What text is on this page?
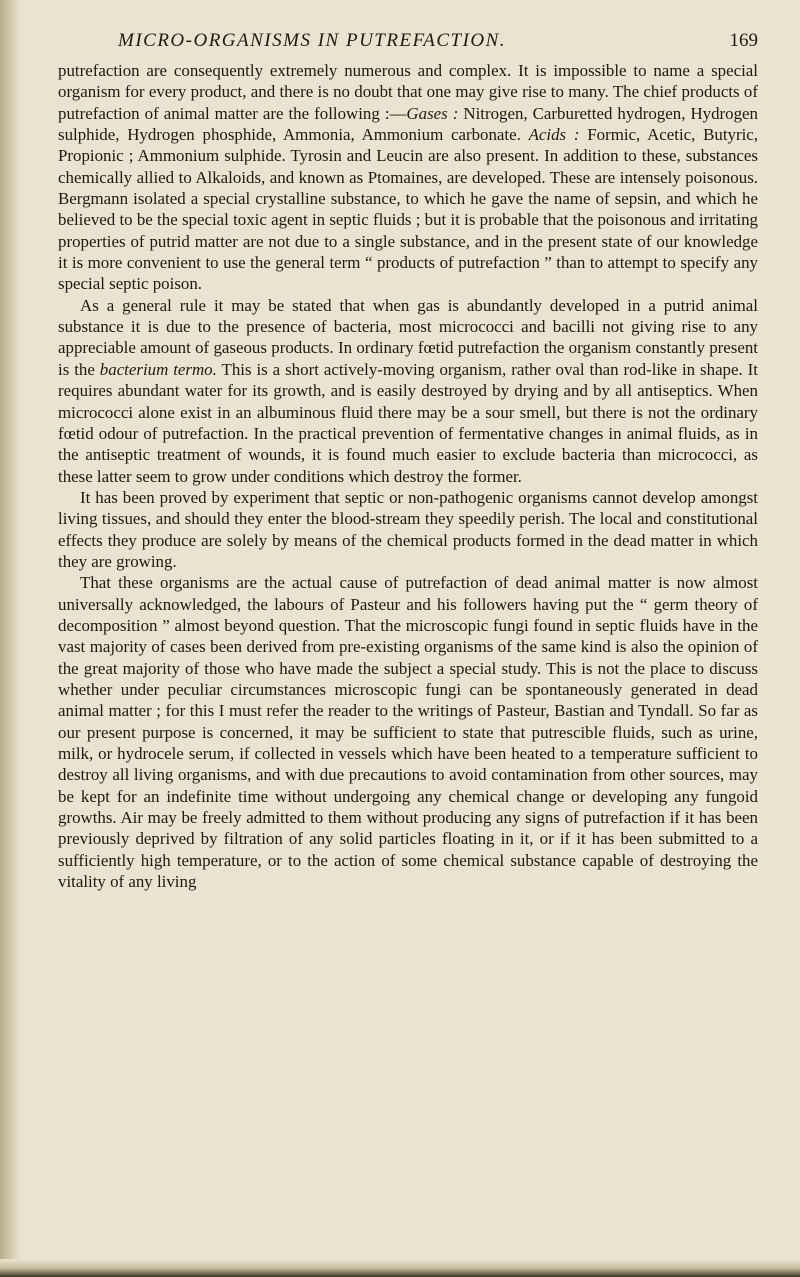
MICRO-ORGANISMS IN PUTREFACTION.	169

putrefaction are consequently extremely numerous and complex. It is impossible to name a special organism for every product, and there is no doubt that one may give rise to many. The chief products of putrefaction of animal matter are the following :—Gases : Nitrogen, Carburetted hydrogen, Hydrogen sulphide, Hydrogen phosphide, Ammonia, Ammonium carbonate. Acids : Formic, Acetic, Butyric, Propionic ; Ammonium sulphide. Tyrosin and Leucin are also present. In addition to these, substances chemically allied to Alkaloids, and known as Ptomaines, are developed. These are intensely poisonous. Bergmann isolated a special crystalline substance, to which he gave the name of sepsin, and which he believed to be the special toxic agent in septic fluids ; but it is probable that the poisonous and irritating properties of putrid matter are not due to a single substance, and in the present state of our knowledge it is more convenient to use the general term “ products of putrefaction ” than to attempt to specify any special septic poison.

As a general rule it may be stated that when gas is abundantly developed in a putrid animal substance it is due to the presence of bacteria, most micrococci and bacilli not giving rise to any appreciable amount of gaseous products. In ordinary fœtid putrefaction the organism constantly present is the bacterium termo. This is a short actively-moving organism, rather oval than rod-like in shape. It requires abundant water for its growth, and is easily destroyed by drying and by all antiseptics. When micrococci alone exist in an albuminous fluid there may be a sour smell, but there is not the ordinary fœtid odour of putrefaction. In the practical prevention of fermentative changes in animal fluids, as in the antiseptic treatment of wounds, it is found much easier to exclude bacteria than micrococci, as these latter seem to grow under conditions which destroy the former.

It has been proved by experiment that septic or non-pathogenic organisms cannot develop amongst living tissues, and should they enter the blood-stream they speedily perish. The local and constitutional effects they produce are solely by means of the chemical products formed in the dead matter in which they are growing.

That these organisms are the actual cause of putrefaction of dead animal matter is now almost universally acknowledged, the labours of Pasteur and his followers having put the “ germ theory of decomposition ” almost beyond question. That the microscopic fungi found in septic fluids have in the vast majority of cases been derived from pre-existing organisms of the same kind is also the opinion of the great majority of those who have made the subject a special study. This is not the place to discuss whether under peculiar circumstances microscopic fungi can be spontaneously generated in dead animal matter ; for this I must refer the reader to the writings of Pasteur, Bastian and Tyndall. So far as our present purpose is concerned, it may be sufficient to state that putrescible fluids, such as urine, milk, or hydrocele serum, if collected in vessels which have been heated to a temperature sufficient to destroy all living organisms, and with due precautions to avoid contamination from other sources, may be kept for an indefinite time without undergoing any chemical change or developing any fungoid growths. Air may be freely admitted to them without producing any signs of putrefaction if it has been previously deprived by filtration of any solid particles floating in it, or if it has been submitted to a sufficiently high temperature, or to the action of some chemical substance capable of destroying the vitality of any living
